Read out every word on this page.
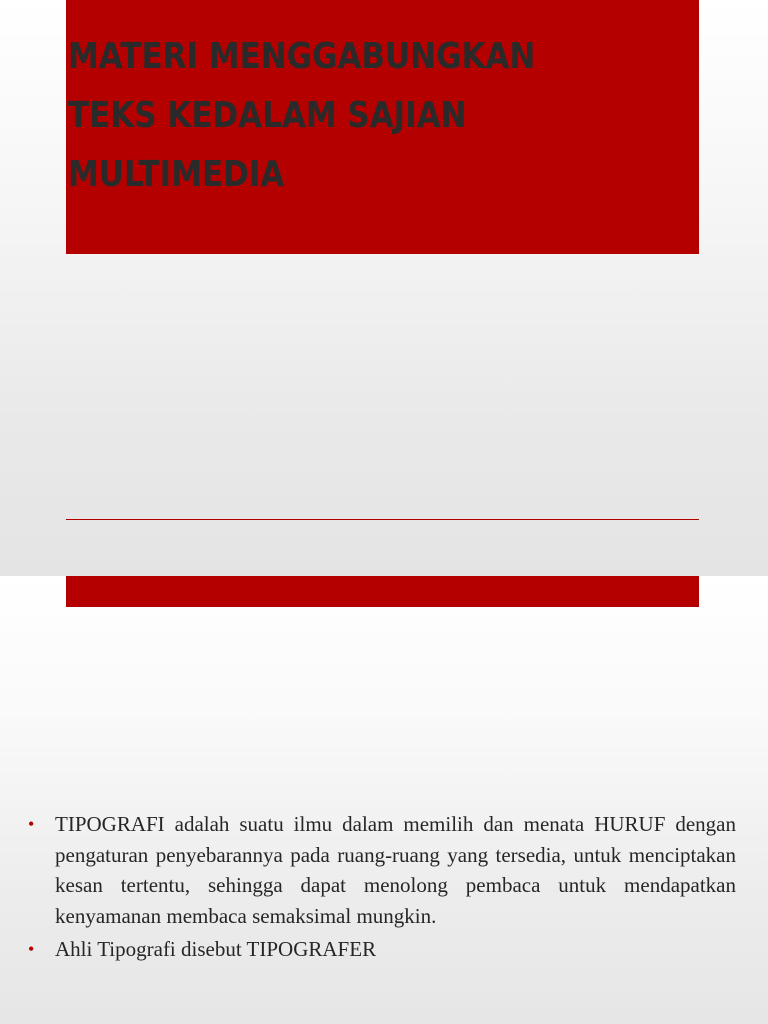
MATERI MENGGABUNGKAN
TEKS KEDALAM SAJIAN
MULTIMEDIA
• TIPOGRAFI adalah suatu ilmu dalam memilih dan menata HURUF dengan pengaturan penyebarannya pada ruang-ruang yang tersedia, untuk menciptakan kesan tertentu, sehingga dapat menolong pembaca untuk mendapatkan kenyamanan membaca semaksimal mungkin.
• Ahli Tipografi disebut TIPOGRAFER
